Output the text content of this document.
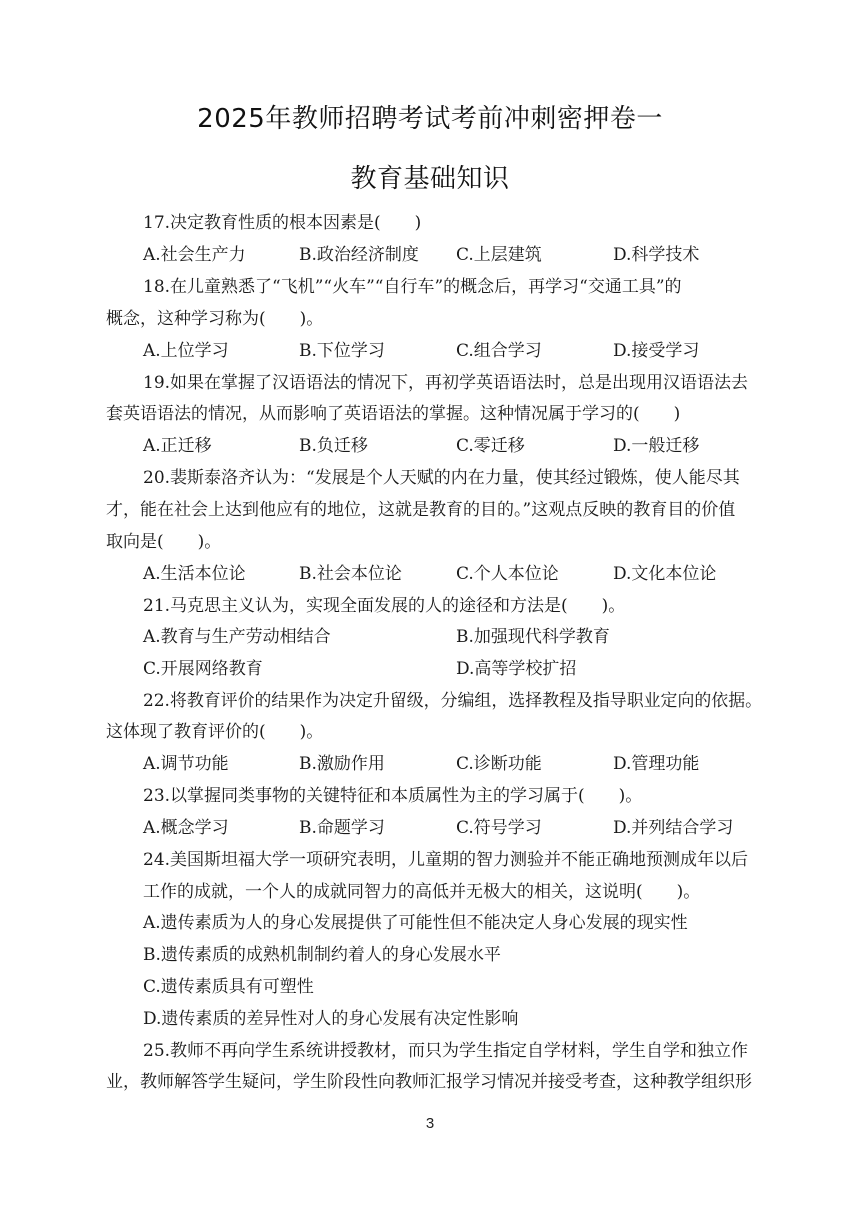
2025年教师招聘考试考前冲刺密押卷一
教育基础知识
17.决定教育性质的根本因素是(　　)
A.社会生产力	B.政治经济制度 C.上层建筑	D.科学技术
18.在儿童熟悉了“飞机”“火车”“自行车”的概念后，再学习“交通工具”的
概念，这种学习称为(　　)。
A.上位学习	B.下位学习	C.组合学习	D.接受学习
19.如果在掌握了汉语语法的情况下，再初学英语语法时，总是出现用汉语语法去
套英语语法的情况，从而影响了英语语法的掌握。这种情况属于学习的(　　)
A.正迁移	B.负迁移	C.零迁移	D.一般迁移
20.裴斯泰洛齐认为：“发展是个人天赋的内在力量，使其经过锻炼，使人能尽其
才，能在社会上达到他应有的地位，这就是教育的目的。”这观点反映的教育目的价值
取向是(　　)。
A.生活本位论	B.社会本位论	C.个人本位论	D.文化本位论
21.马克思主义认为，实现全面发展的人的途径和方法是(　　)。
A.教育与生产劳动相结合	B.加强现代科学教育
C.开展网络教育	D.高等学校扩招
22.将教育评价的结果作为决定升留级，分编组，选择教程及指导职业定向的依据。
这体现了教育评价的(　　)。
A.调节功能	B.激励作用	C.诊断功能	D.管理功能
23.以掌握同类事物的关键特征和本质属性为主的学习属于(　　)。
A.概念学习	B.命题学习	C.符号学习	D.并列结合学习
24.美国斯坦福大学一项研究表明，儿童期的智力测验并不能正确地预测成年以后
工作的成就，一个人的成就同智力的高低并无极大的相关，这说明(　　)。
A.遗传素质为人的身心发展提供了可能性但不能决定人身心发展的现实性
B.遗传素质的成熟机制制约着人的身心发展水平
C.遗传素质具有可塑性
D.遗传素质的差异性对人的身心发展有决定性影响
25.教师不再向学生系统讲授教材，而只为学生指定自学材料，学生自学和独立作
业，教师解答学生疑问，学生阶段性向教师汇报学习情况并接受考查，这种教学组织形
3
